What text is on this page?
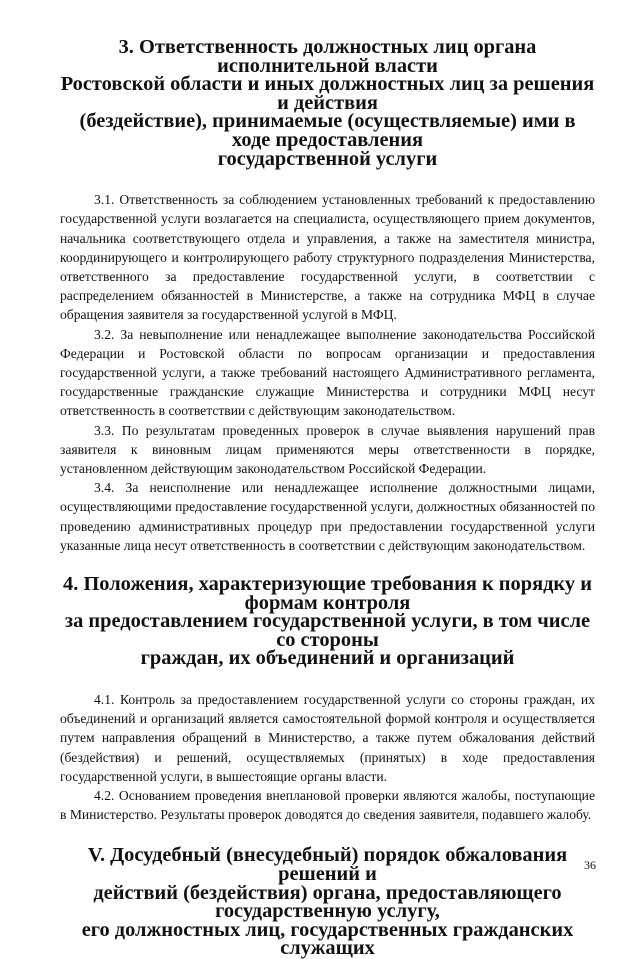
3. Ответственность должностных лиц органа исполнительной власти
Ростовской области и иных должностных лиц за решения и действия
(бездействие), принимаемые (осуществляемые) ими в ходе предоставления
государственной услуги

3.1. Ответственность за соблюдением установленных требований к предоставлению государственной услуги возлагается на специалиста, осуществляющего прием документов, начальника соответствующего отдела и управления, а также на заместителя министра, координирующего и контролирующего работу структурного подразделения Министерства, ответственного за предоставление государственной услуги, в соответствии с распределением обязанностей в Министерстве, а также на сотрудника МФЦ в случае обращения заявителя за государственной услугой в МФЦ.

3.2. За невыполнение или ненадлежащее выполнение законодательства Российской Федерации и Ростовской области по вопросам организации и предоставления государственной услуги, а также требований настоящего Административного регламента, государственные гражданские служащие Министерства и сотрудники МФЦ несут ответственность в соответствии с действующим законодательством.

3.3. По результатам проведенных проверок в случае выявления нарушений прав заявителя к виновным лицам применяются меры ответственности в порядке, установленном действующим законодательством Российской Федерации.

3.4. За неисполнение или ненадлежащее исполнение должностными лицами, осуществляющими предоставление государственной услуги, должностных обязанностей по проведению административных процедур при предоставлении государственной услуги указанные лица несут ответственность в соответствии с действующим законодательством.

4. Положения, характеризующие требования к порядку и формам контроля
за предоставлением государственной услуги, в том числе со стороны
граждан, их объединений и организаций

4.1. Контроль за предоставлением государственной услуги со стороны граждан, их объединений и организаций является самостоятельной формой контроля и осуществляется путем направления обращений в Министерство, а также путем обжалования действий (бездействия) и решений, осуществляемых (принятых) в ходе предоставления государственной услуги, в вышестоящие органы власти.

4.2. Основанием проведения внеплановой проверки являются жалобы, поступающие в Министерство. Результаты проверок доводятся до сведения заявителя, подавшего жалобу.

V. Досудебный (внесудебный) порядок обжалования решений и
действий (бездействия) органа, предоставляющего государственную услугу,
его должностных лиц, государственных гражданских служащих
36
